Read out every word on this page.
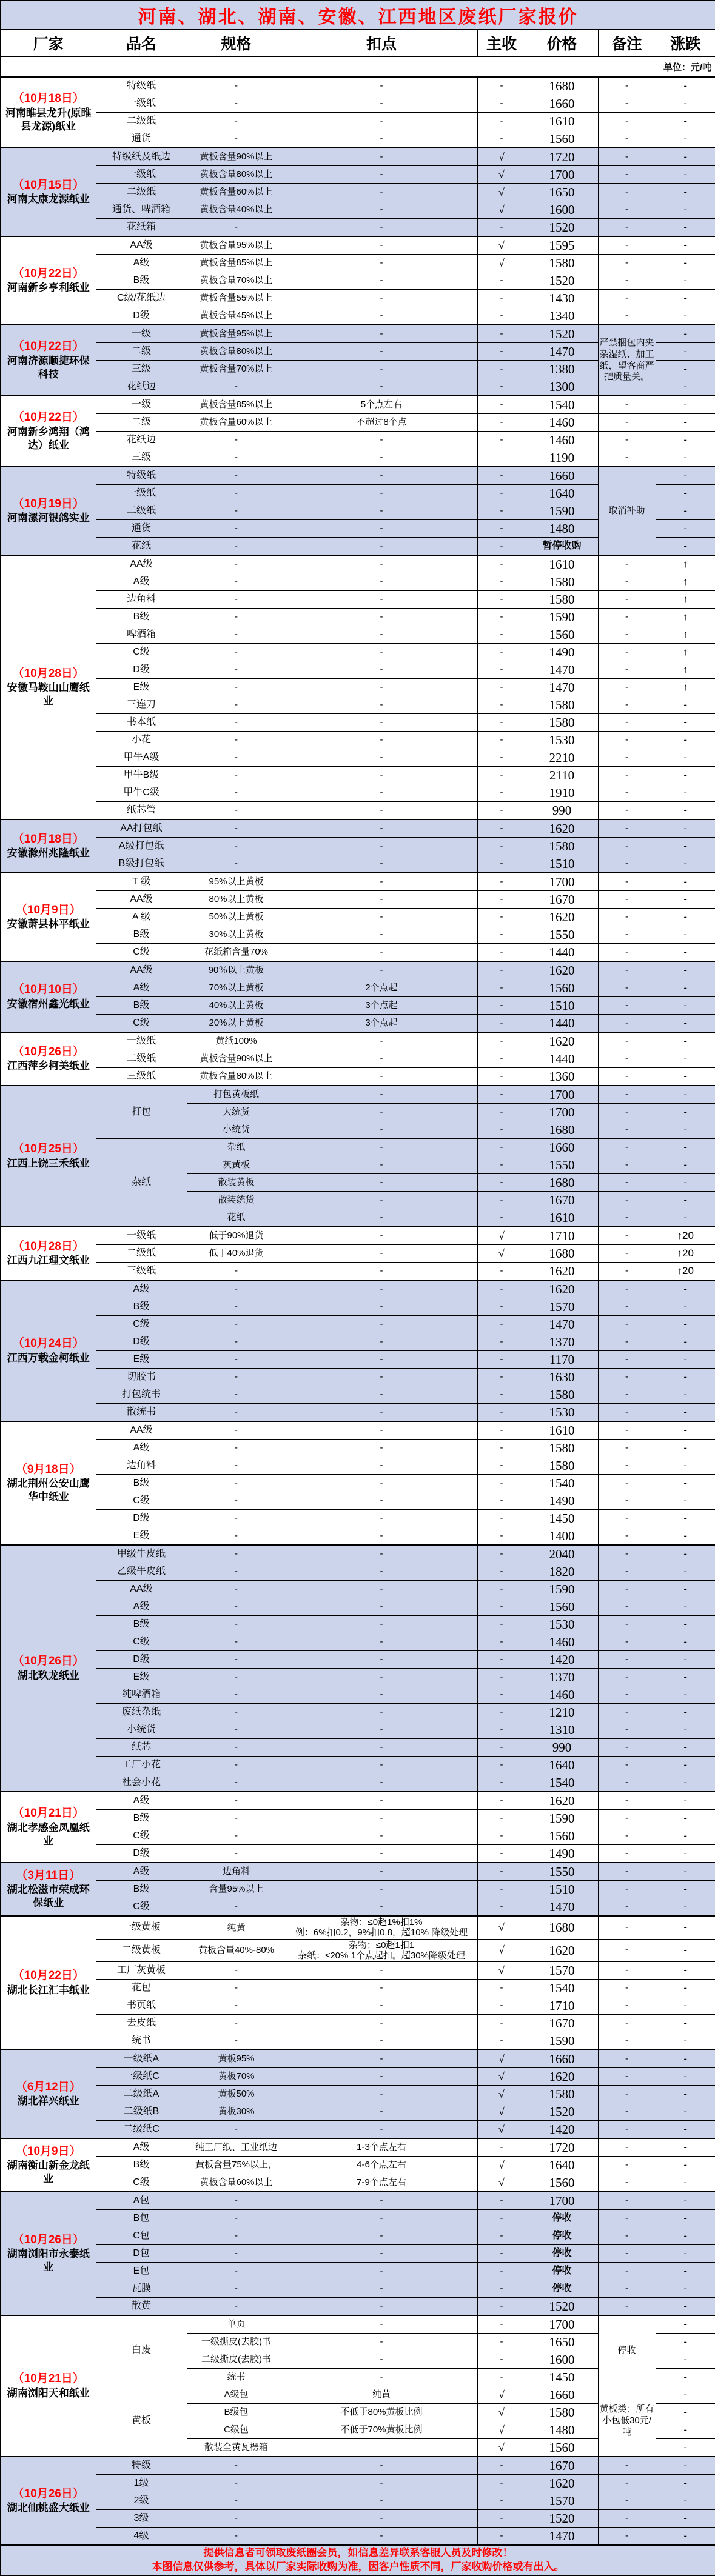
河南、湖北、湖南、安徽、江西地区废纸厂家报价							
厂家	品名	规格	扣点	主收	价格	备注	涨跌
单位：元/吨							

（10月18日）
河南睢县龙升(原睢县龙源)纸业	特级纸	-	-	-	1680	-	-
	一级纸	-	-	-	1660	-	-
	二级纸	-	-	-	1610	-	-
	通货	-	-	-	1560	-	-

（10月15日）
河南太康龙源纸业	特级纸及纸边	黄板含量90%以上	-	√	1720	-	-
	一级纸	黄板含量80%以上	-	√	1700	-	-
	二级纸	黄板含量60%以上	-	√	1650	-	-
	通货、啤酒箱	黄板含量40%以上	-	√	1600	-	-
	花纸箱	-	-	-	1520	-	-

（10月22日）
河南新乡亨利纸业	AA级	黄板含量95%以上	-	√	1595	-	-
	A级	黄板含量85%以上	-	√	1580	-	-
	B级	黄板含量70%以上	-	-	1520	-	-
	C级/花纸边	黄板含量55%以上	-	-	1430	-	-
	D级	黄板含量45%以上	-	-	1340	-	-

（10月22日）
河南济源顺捷环保科技	一级	黄板含量95%以上	-	-	1520	严禁捆包内夹杂湿纸、加工纸，望客商严把质量关。	-
	二级	黄板含量80%以上	-	-	1470		-
	三级	黄板含量70%以上	-	-	1380		-
	花纸边	-	-	-	1300		-

（10月22日）
河南新乡鸿翔（鸿达）纸业	一级	黄板含量85%以上	5个点左右	-	1540	-	-
	二级	黄板含量60%以上	不超过8个点	-	1460	-	-
	花纸边	-	-	-	1460	-	-
	三级	-	-		1190	-	-

（10月19日）
河南漯河银鸽实业	特级纸	-	-	-	1660	取消补助	-
	一级纸	-	-	-	1640		-
	二级纸	-	-	-	1590		-
	通货	-	-	-	1480		-
	花纸	-	-	-	暂停收购		-

（10月28日）
安徽马鞍山山鹰纸业	AA级	-	-	-	1610	-	↑
	A级	-	-	-	1580	-	↑
	边角料	-	-	-	1580	-	↑
	B级	-	-	-	1590	-	↑
	啤酒箱	-	-	-	1560	-	↑
	C级	-	-	-	1490	-	↑
	D级	-	-	-	1470	-	↑
	E级	-	-	-	1470	-	↑
	三连刀	-	-	-	1580	-	-
	书本纸	-	-	-	1580	-	-
	小花	-	-	-	1530	-	-
	甲牛A级	-	-	-	2210	-	-
	甲牛B级	-	-	-	2110	-	-
	甲牛C级	-	-	-	1910	-	-
	纸芯管	-	-	-	990	-	-

（10月18日）
安徽滁州兆隆纸业	AA打包纸	-	-	-	1620	-	-
	A级打包纸	-	-	-	1580	-	-
	B级打包纸	-	-	-	1510	-	-

（10月9日）
安徽萧县林平纸业	T 级	95%以上黄板	-	-	1700	-	-
	AA级	80%以上黄板	-	-	1670	-	-
	A 级	50%以上黄板	-	-	1620	-	-
	B级	30%以上黄板	-	-	1550	-	-
	C级	花纸箱含量70%	-	-	1440	-	-

（10月10日）
安徽宿州鑫光纸业	AA级	90％以上黄板	-	-	1620	-	-
	A级	70%以上黄板	2个点起	-	1560	-	-
	B级	40%以上黄板	3个点起	-	1510	-	-
	C级	20%以上黄板	3个点起	-	1440	-	-

（10月26日）
江西萍乡柯美纸业	一级纸	黄纸100%	-	-	1620	-	-
	二级纸	黄板含量90%以上	-	-	1440	-	-
	三级纸	黄板含量80%以上	-	-	1360	-	-

（10月25日）
江西上饶三禾纸业	打包	打包黄板纸	-	-	1700	-	-
		大统货	-	-	1700	-	-
		小统货	-	-	1680	-	-
	杂纸	杂纸	-	-	1660	-	-
		灰黄板	-	-	1550	-	-
		散装黄板	-	-	1680	-	-
		散装统货	-	-	1670	-	-
		花纸	-	-	1610	-	-

（10月28日）
江西九江理文纸业	一级纸	低于90%退货	-	√	1710	-	↑20
	二级纸	低于40%退货	-	√	1680	-	↑20
	三级纸	-	-	-	1620	-	↑20

（10月24日）
江西万载金柯纸业	A级	-	-	-	1620	-	-
	B级	-	-	-	1570	-	-
	C级	-	-	-	1470	-	-
	D级	-	-	-	1370	-	-
	E级	-	-	-	1170	-	-
	切胶书	-	-	-	1630	-	-
	打包统书	-	-	-	1580	-	-
	散统书	-	-	-	1530	-	-

（9月18日）
湖北荆州公安山鹰华中纸业	AA级	-	-	-	1610	-	-
	A级	-	-	-	1580	-	-
	边角料	-	-	-	1580	-	-
	B级	-	-	-	1540	-	-
	C级	-	-	-	1490	-	-
	D级	-	-	-	1450	-	-
	E级	-	-	-	1400	-	-

（10月26日）
湖北玖龙纸业	甲级牛皮纸	-	-	-	2040	-	-
	乙级牛皮纸	-	-	-	1820	-	-
	AA级	-	-	-	1590	-	-
	A级	-	-	-	1560	-	-
	B级	-	-	-	1530	-	-
	C级	-	-	-	1460	-	-
	D级	-	-	-	1420	-	-
	E级	-	-	-	1370	-	-
	纯啤酒箱	-	-	-	1460	-	-
	废纸杂纸	-	-	-	1210	-	-
	小统货	-	-	-	1310	-	-
	纸芯	-	-	-	990	-	-
	工厂小花	-	-	-	1640	-	-
	社会小花	-	-	-	1540	-	-

（10月21日）
湖北孝感金凤凰纸业	A级	-	-	-	1620	-	-
	B级	-	-	-	1590	-	-
	C级	-	-	-	1560	-	-
	D级	-	-	-	1490	-	-

（3月11日）
湖北松滋市荣成环保纸业	A级	边角料	-	-	1550	-	-
	B级	含量95%以上	-	-	1510	-	-
	C级	-	-	-	1470	-	-

（10月22日）
湖北长江汇丰纸业
	一级黄板	纯黄	杂物：≤0超1%扣1%
例：6%扣0.2，9%扣0.8，超10% 降级处理	√	1680	-	-
	二级黄板	黄板含量40%-80%	杂物：≤0超1扣1
杂纸：≤20% 1个点起扣。超30%降级处理	√	1620	-	-
	工厂灰黄板	-	-	√	1570	-	-
	花包	-	-	-	1540	-	-
	书页纸	-	-	-	1710	-	-
	去皮纸	-	-	-	1670	-	-
	统书	-	-	-	1590	-	-

（6月12日）
湖北祥兴纸业	一级纸A	黄板95%	-	√	1660	-	-
	一级纸C	黄板70%	-	√	1620	-	-
	二级纸A	黄板50%	-	√	1580	-	-
	二级纸B	黄板30%	-	√	1520	-	-
	二级纸C	-	-	√	1420	-	-

（10月9日）
湖南衡山新金龙纸业	A级	纯工厂纸、工业纸边	1-3个点左右	-	1720	-	-
	B级	黄板含量75%以上，	4-6个点左右	√	1640	-	-
	C级	黄板含量60%以上	7-9个点左右	√	1560	-	-

（10月26日）
湖南浏阳市永泰纸业	A包	-	-	-	1700	-	-
	B包	-	-	-	停收	-	-
	C包	-	-	-	停收	-	-
	D包	-	-	-	停收	-	-
	E包	-	-	-	停收	-	-
	瓦膜	-	-	-	停收	-	-
	散黄	-	-	-	1520	-	-

（10月21日）
湖南浏阳天和纸业	白废	单页	-	-	1700	停收	-
		一级撕皮(去胶)书	-	-	1650		-
		二级撕皮(去胶)书	-	-	1600		-
		统书	-	-	1450		-
	黄板	A级包	纯黄	√	1660	黄板类：所有小包低30元/吨	-
		B级包	不低于80%黄板比例	√	1580		-
		C级包	不低于70%黄板比例	√	1480		-
		散装全黄瓦楞箱		√	1560		-

（10月26日）
湖北仙桃盛大纸业	特级	-	-	-	1670	-	-
	1级	-	-	-	1620	-	-
	2级	-	-	-	1570	-	-
	3级	-	-	-	1520	-	-
	4级	-	-	-	1470	-	-

提供信息者可领取废纸圈会员，如信息差异联系客服人员及时修改！
本图信息仅供参考，具体以厂家实际收购为准，因客户性质不同，厂家收购价格或有出入。							
